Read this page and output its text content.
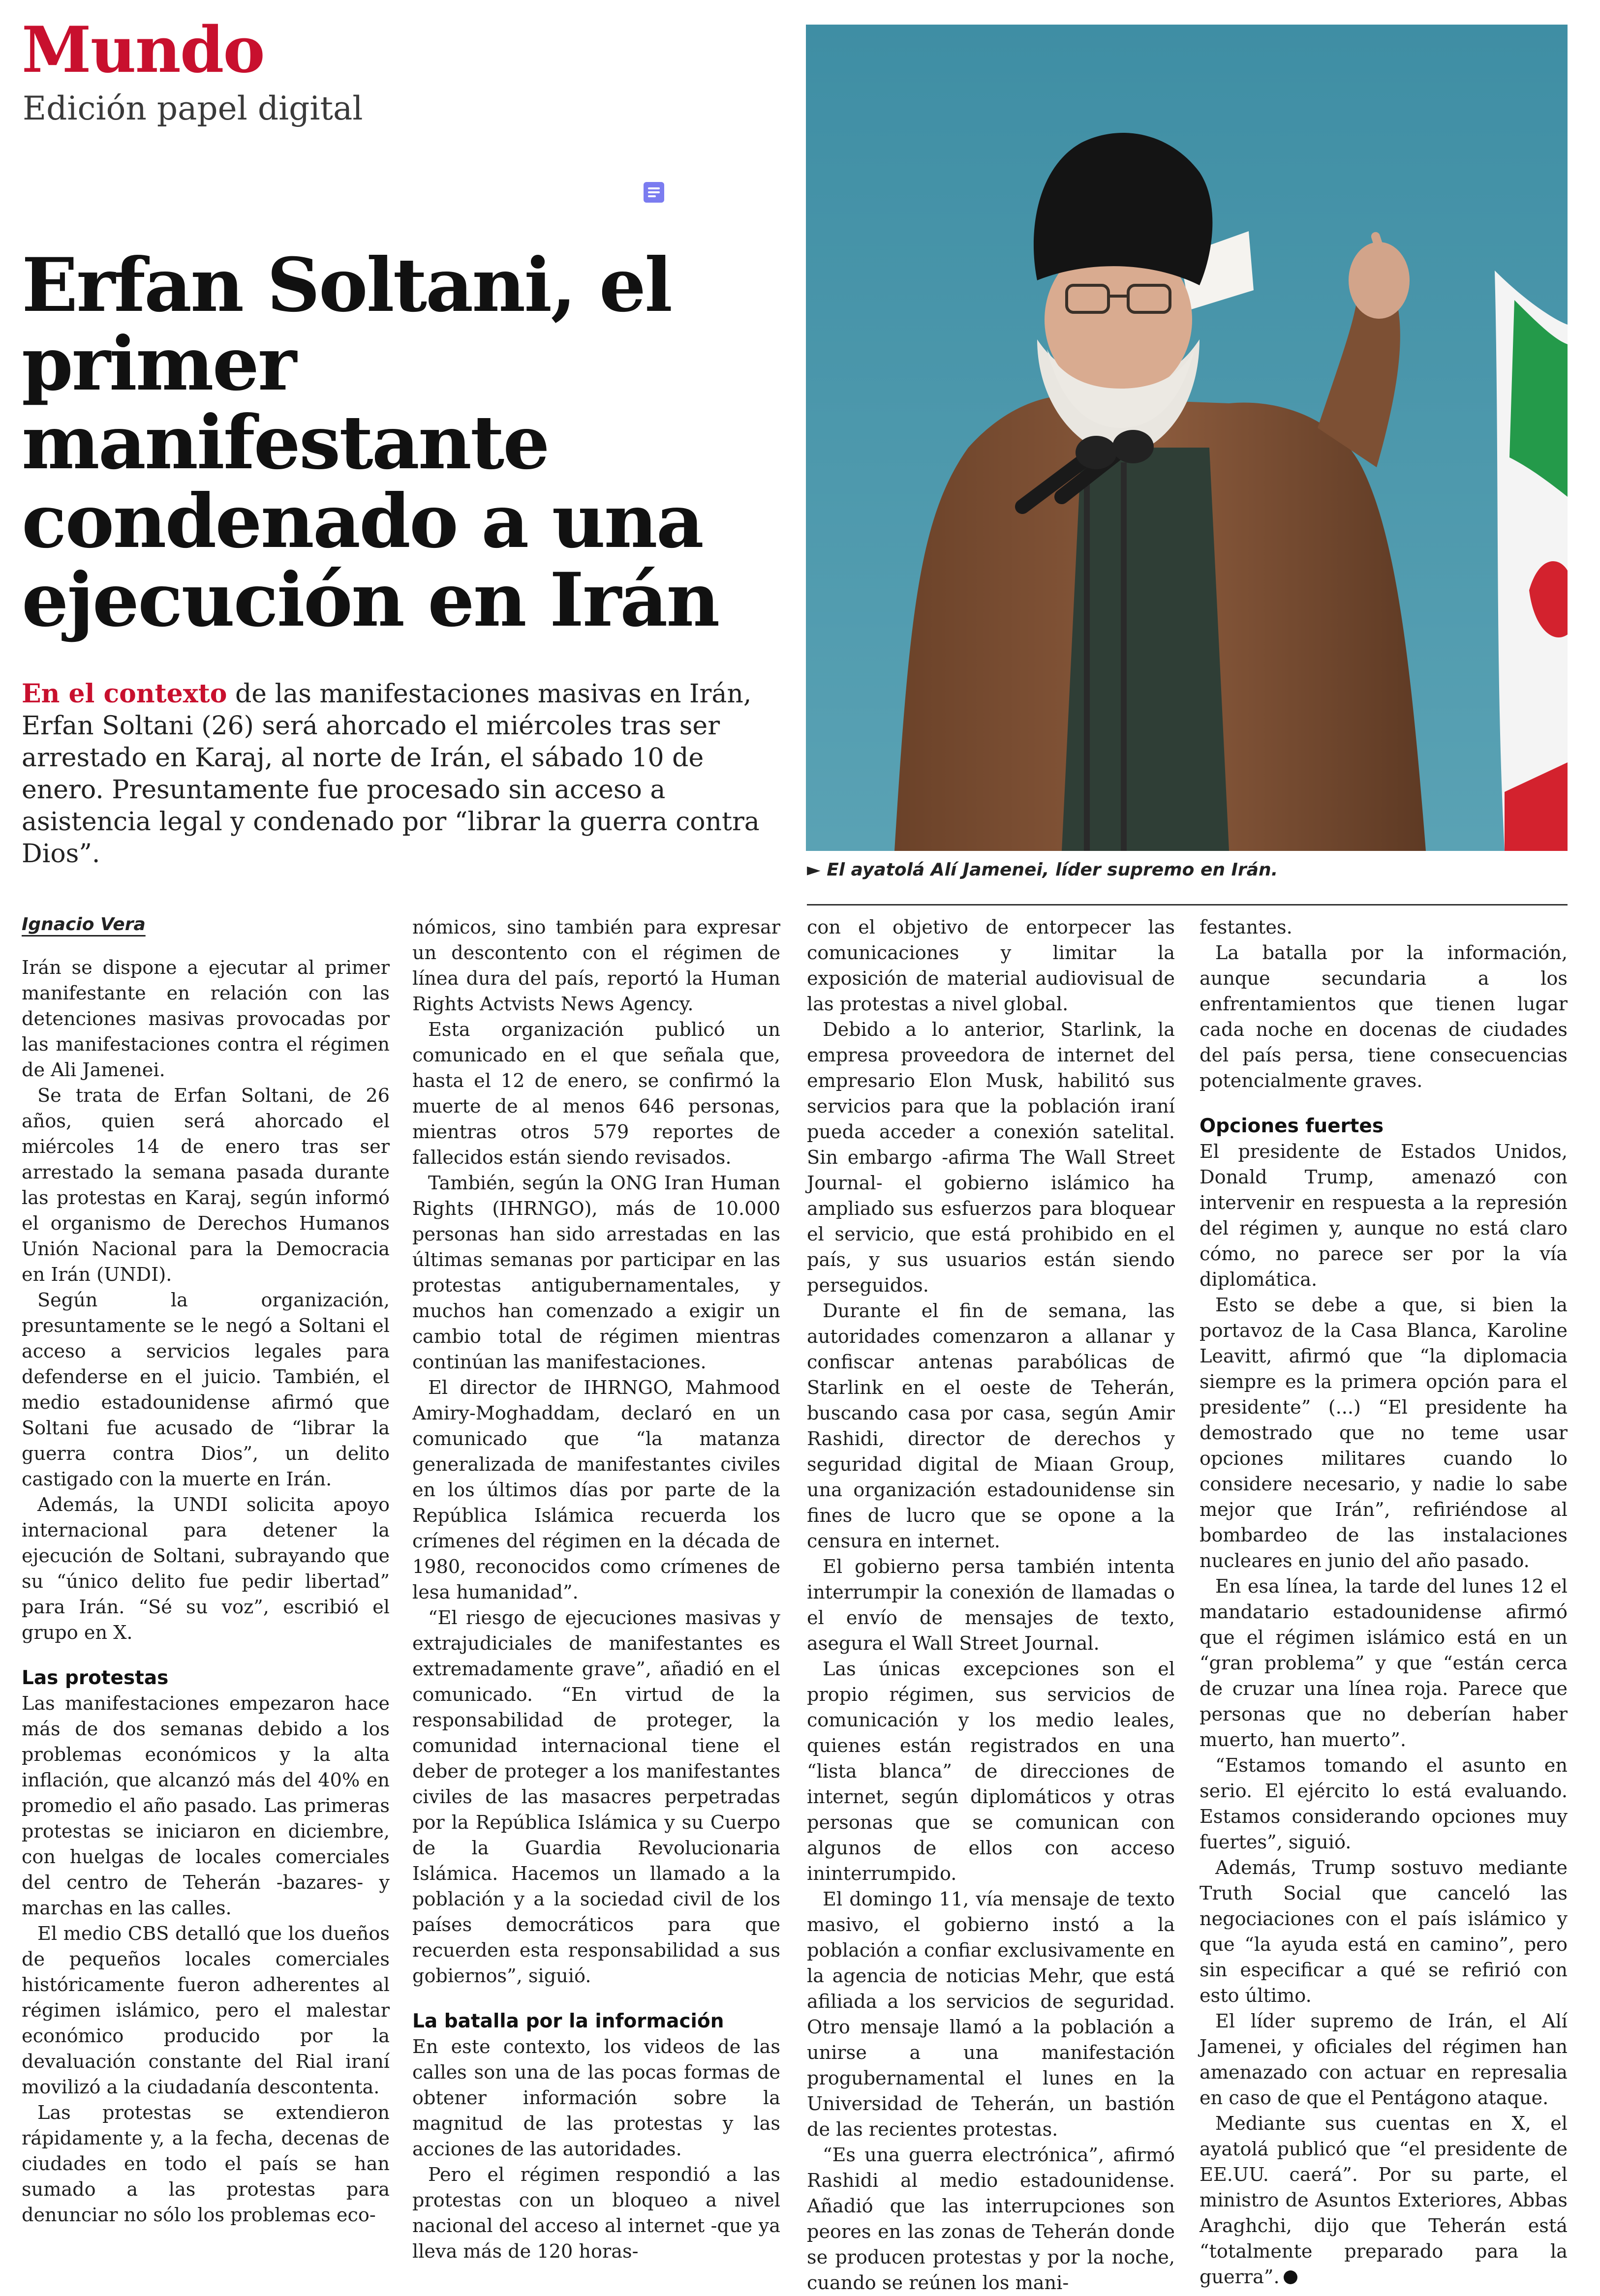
Mundo
Edición papel digital
Erfan Soltani, el primer manifestante condenado a una ejecución en Irán

En el contexto de las manifestaciones masivas en Irán, Erfan Soltani (26) será ahorcado el miércoles tras ser arrestado en Karaj, al norte de Irán, el sábado 10 de enero. Presuntamente fue procesado sin acceso a asistencia legal y condenado por “librar la guerra contra Dios”.

► El ayatolá Alí Jamenei, líder supremo en Irán.
Ignacio Vera

Irán se dispone a ejecutar al primer manifestante en relación con las detenciones masivas provocadas por las manifestaciones contra el régimen de Ali Jamenei.

Se trata de Erfan Soltani, de 26 años, quien será ahorcado el miércoles 14 de enero tras ser arrestado la semana pasada durante las protestas en Karaj, según informó el organismo de Derechos Humanos Unión Nacional para la Democracia en Irán (UNDI).

Según la organización, presuntamente se le negó a Soltani el acceso a servicios legales para defenderse en el juicio. También, el medio estadounidense afirmó que Soltani fue acusado de “librar la guerra contra Dios”, un delito castigado con la muerte en Irán.

Además, la UNDI solicita apoyo internacional para detener la ejecución de Soltani, subrayando que su “único delito fue pedir libertad” para Irán. “Sé su voz”, escribió el grupo en X.

Las protestas

Las manifestaciones empezaron hace más de dos semanas debido a los problemas económicos y la alta inflación, que alcanzó más del 40% en promedio el año pasado. Las primeras protestas se iniciaron en diciembre, con huelgas de locales comerciales del centro de Teherán -bazares- y marchas en las calles.

El medio CBS detalló que los dueños de pequeños locales comerciales históricamente fueron adherentes al régimen islámico, pero el malestar económico producido por la devaluación constante del Rial iraní movilizó a la ciudadanía descontenta.

Las protestas se extendieron rápidamente y, a la fecha, decenas de ciudades en todo el país se han sumado a las protestas para denunciar no sólo los problemas eco-

nómicos, sino también para expresar un descontento con el régimen de línea dura del país, reportó la Human Rights Actvists News Agency.

Esta organización publicó un comunicado en el que señala que, hasta el 12 de enero, se confirmó la muerte de al menos 646 personas, mientras otros 579 reportes de fallecidos están siendo revisados.

También, según la ONG Iran Human Rights (IHRNGO), más de 10.000 personas han sido arrestadas en las últimas semanas por participar en las protestas antigubernamentales, y muchos han comenzado a exigir un cambio total de régimen mientras continúan las manifestaciones.

El director de IHRNGO, Mahmood Amiry-Moghaddam, declaró en un comunicado que “la matanza generalizada de manifestantes civiles en los últimos días por parte de la República Islámica recuerda los crímenes del régimen en la década de 1980, reconocidos como crímenes de lesa humanidad”.

“El riesgo de ejecuciones masivas y extrajudiciales de manifestantes es extremadamente grave”, añadió en el comunicado. “En virtud de la responsabilidad de proteger, la comunidad internacional tiene el deber de proteger a los manifestantes civiles de las masacres perpetradas por la República Islámica y su Cuerpo de la Guardia Revolucionaria Islámica. Hacemos un llamado a la población y a la sociedad civil de los países democráticos para que recuerden esta responsabilidad a sus gobiernos”, siguió.

La batalla por la información

En este contexto, los videos de las calles son una de las pocas formas de obtener información sobre la magnitud de las protestas y las acciones de las autoridades.

Pero el régimen respondió a las protestas con un bloqueo a nivel nacional del acceso al internet -que ya lleva más de 120 horas-

con el objetivo de entorpecer las comunicaciones y limitar la exposición de material audiovisual de las protestas a nivel global.

Debido a lo anterior, Starlink, la empresa proveedora de internet del empresario Elon Musk, habilitó sus servicios para que la población iraní pueda acceder a conexión satelital. Sin embargo -afirma The Wall Street Journal- el gobierno islámico ha ampliado sus esfuerzos para bloquear el servicio, que está prohibido en el país, y sus usuarios están siendo perseguidos.

Durante el fin de semana, las autoridades comenzaron a allanar y confiscar antenas parabólicas de Starlink en el oeste de Teherán, buscando casa por casa, según Amir Rashidi, director de derechos y seguridad digital de Miaan Group, una organización estadounidense sin fines de lucro que se opone a la censura en internet.

El gobierno persa también intenta interrumpir la conexión de llamadas o el envío de mensajes de texto, asegura el Wall Street Journal.

Las únicas excepciones son el propio régimen, sus servicios de comunicación y los medio leales, quienes están registrados en una “lista blanca” de direcciones de internet, según diplomáticos y otras personas que se comunican con algunos de ellos con acceso ininterrumpido.

El domingo 11, vía mensaje de texto masivo, el gobierno instó a la población a confiar exclusivamente en la agencia de noticias Mehr, que está afiliada a los servicios de seguridad. Otro mensaje llamó a la población a unirse a una manifestación progubernamental el lunes en la Universidad de Teherán, un bastión de las recientes protestas.

“Es una guerra electrónica”, afirmó Rashidi al medio estadounidense. Añadió que las interrupciones son peores en las zonas de Teherán donde se producen protestas y por la noche, cuando se reúnen los mani-

festantes.

La batalla por la información, aunque secundaria a los enfrentamientos que tienen lugar cada noche en docenas de ciudades del país persa, tiene consecuencias potencialmente graves.

Opciones fuertes

El presidente de Estados Unidos, Donald Trump, amenazó con intervenir en respuesta a la represión del régimen y, aunque no está claro cómo, no parece ser por la vía diplomática.

Esto se debe a que, si bien la portavoz de la Casa Blanca, Karoline Leavitt, afirmó que “la diplomacia siempre es la primera opción para el presidente” (...) “El presidente ha demostrado que no teme usar opciones militares cuando lo considere necesario, y nadie lo sabe mejor que Irán”, refiriéndose al bombardeo de las instalaciones nucleares en junio del año pasado.

En esa línea, la tarde del lunes 12 el mandatario estadounidense afirmó que el régimen islámico está en un “gran problema” y que “están cerca de cruzar una línea roja. Parece que personas que no deberían haber muerto, han muerto”.

“Estamos tomando el asunto en serio. El ejército lo está evaluando. Estamos considerando opciones muy fuertes”, siguió.

Además, Trump sostuvo mediante Truth Social que canceló las negociaciones con el país islámico y que “la ayuda está en camino”, pero sin especificar a qué se refirió con esto último.

El líder supremo de Irán, el Alí Jamenei, y oficiales del régimen han amenazado con actuar en represalia en caso de que el Pentágono ataque.

Mediante sus cuentas en X, el ayatolá publicó que “el presidente de EE.UU. caerá”. Por su parte, el ministro de Asuntos Exteriores, Abbas Araghchi, dijo que Teherán está “totalmente preparado para la guerra”.
